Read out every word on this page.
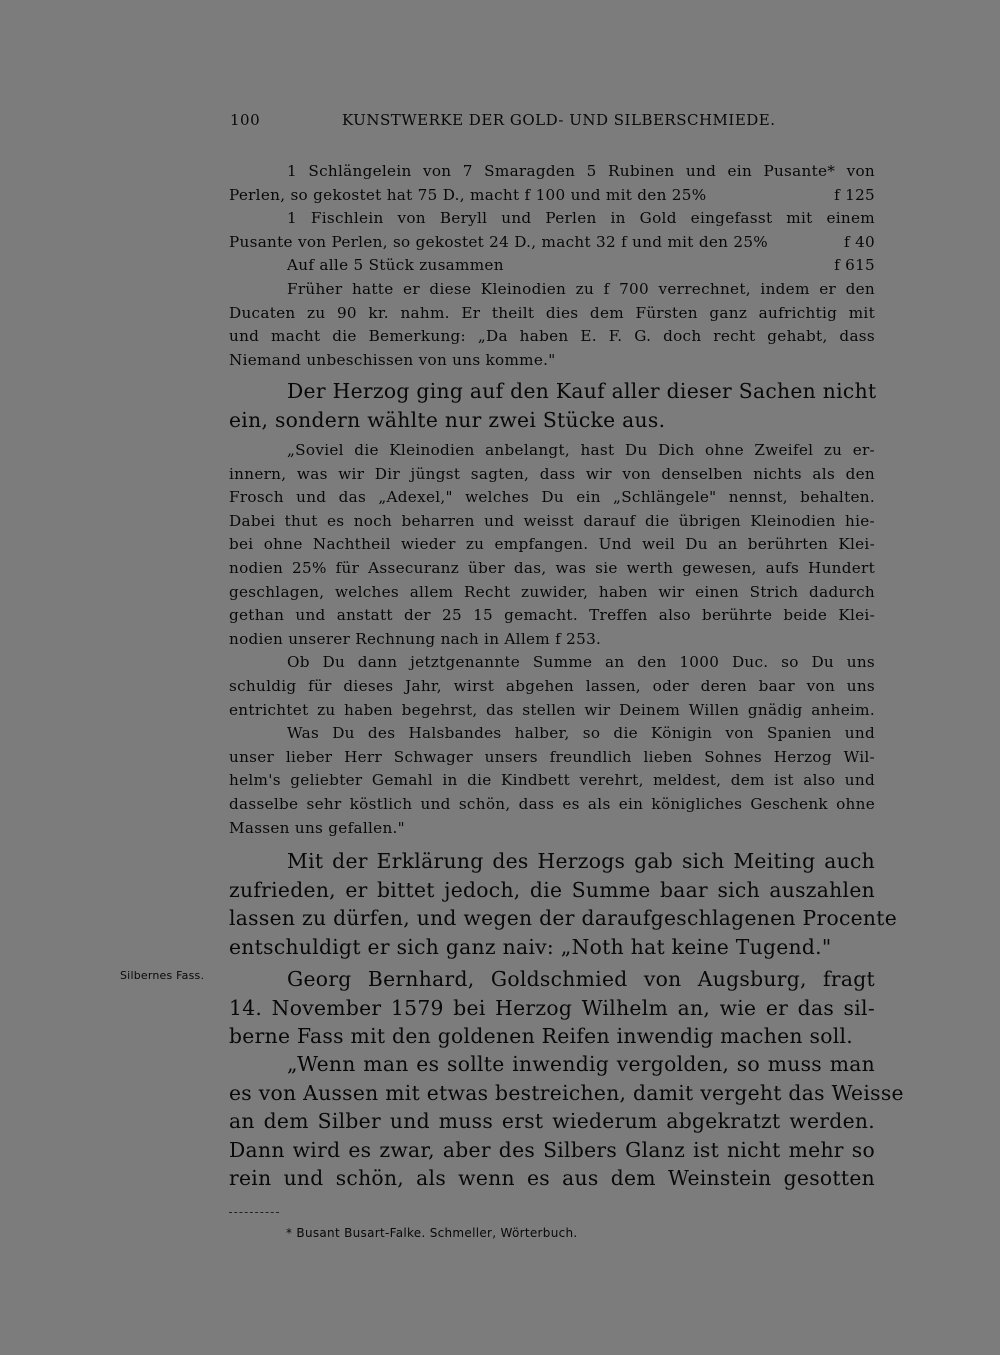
100	KUNSTWERKE DER GOLD- UND SILBERSCHMIEDE.
1 Schlängelein von 7 Smaragden 5 Rubinen und ein Pusante* von
Perlen, so gekostet hat 75 D., macht f 100 und mit den 25%	f 125
1 Fischlein von Beryll und Perlen in Gold eingefasst mit einem
Pusante von Perlen, so gekostet 24 D., macht 32 f und mit den 25%	f 40
Auf alle 5 Stück zusammen	f 615
Früher hatte er diese Kleinodien zu f 700 verrechnet, indem er den
Ducaten zu 90 kr. nahm. Er theilt dies dem Fürsten ganz aufrichtig mit
und macht die Bemerkung: „Da haben E. F. G. doch recht gehabt, dass
Niemand unbeschissen von uns komme."
Der Herzog ging auf den Kauf aller dieser Sachen nicht
ein, sondern wählte nur zwei Stücke aus.
„Soviel die Kleinodien anbelangt, hast Du Dich ohne Zweifel zu er-
innern, was wir Dir jüngst sagten, dass wir von denselben nichts als den
Frosch und das „Adexel," welches Du ein „Schlängele" nennst, behalten.
Dabei thut es noch beharren und weisst darauf die übrigen Kleinodien hie-
bei ohne Nachtheil wieder zu empfangen. Und weil Du an berührten Klei-
nodien 25% für Assecuranz über das, was sie werth gewesen, aufs Hundert
geschlagen, welches allem Recht zuwider, haben wir einen Strich dadurch
gethan und anstatt der 25 15 gemacht. Treffen also berührte beide Klei-
nodien unserer Rechnung nach in Allem f 253.
Ob Du dann jetztgenannte Summe an den 1000 Duc. so Du uns
schuldig für dieses Jahr, wirst abgehen lassen, oder deren baar von uns
entrichtet zu haben begehrst, das stellen wir Deinem Willen gnädig anheim.
Was Du des Halsbandes halber, so die Königin von Spanien und
unser lieber Herr Schwager unsers freundlich lieben Sohnes Herzog Wil-
helm's geliebter Gemahl in die Kindbett verehrt, meldest, dem ist also und
dasselbe sehr köstlich und schön, dass es als ein königliches Geschenk ohne
Massen uns gefallen."
Mit der Erklärung des Herzogs gab sich Meiting auch
zufrieden, er bittet jedoch, die Summe baar sich auszahlen
lassen zu dürfen, und wegen der daraufgeschlagenen Procente
entschuldigt er sich ganz naiv: „Noth hat keine Tugend."
Silbernes Fass.	Georg Bernhard, Goldschmied von Augsburg, fragt
14. November 1579 bei Herzog Wilhelm an, wie er das sil-
berne Fass mit den goldenen Reifen inwendig machen soll.
„Wenn man es sollte inwendig vergolden, so muss man
es von Aussen mit etwas bestreichen, damit vergeht das Weisse
an dem Silber und muss erst wiederum abgekratzt werden.
Dann wird es zwar, aber des Silbers Glanz ist nicht mehr so
rein und schön, als wenn es aus dem Weinstein gesotten
* Busant Busart-Falke. Schmeller, Wörterbuch.
